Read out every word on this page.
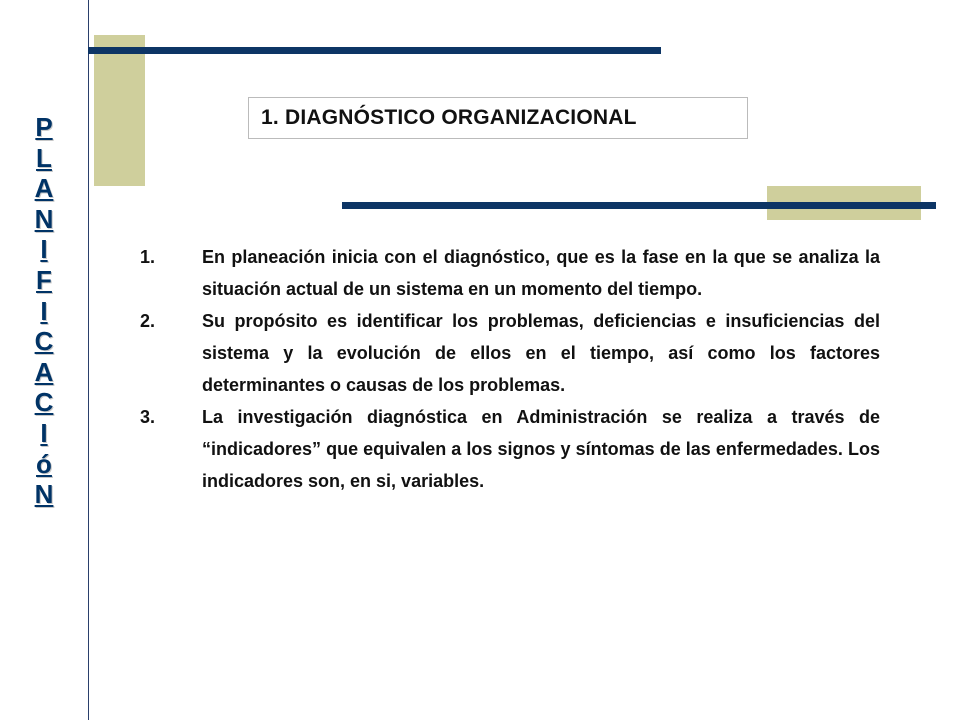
P
L
A
N
I
F
I
C
A
C
I
ó
N
1. DIAGNÓSTICO ORGANIZACIONAL
1.	En planeación inicia con el diagnóstico, que es la fase en la que se analiza la situación actual de un sistema en un momento del tiempo.
2.	Su propósito es identificar los problemas, deficiencias e insuficiencias del sistema y la evolución de ellos en el tiempo, así como los factores determinantes o causas de los problemas.
3.	La investigación diagnóstica en Administración se realiza a través de “indicadores” que equivalen a los signos y síntomas de las enfermedades. Los indicadores son, en si, variables.
